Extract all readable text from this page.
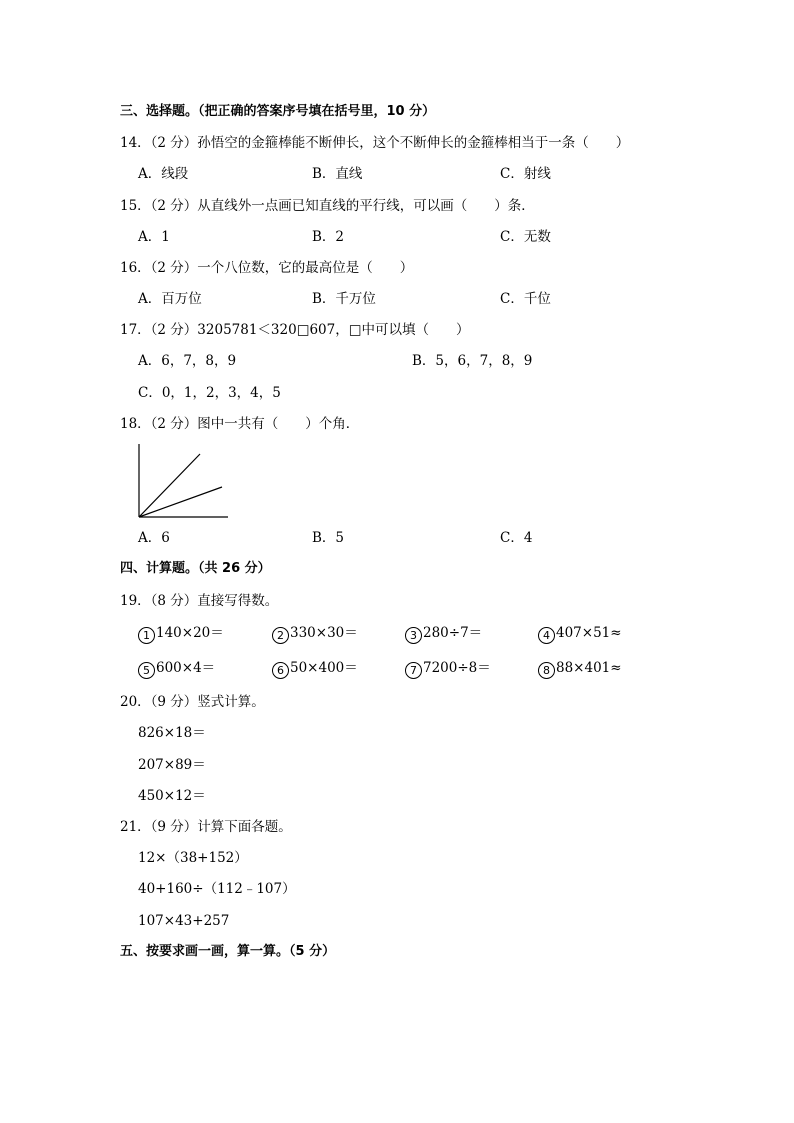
三、选择题。（把正确的答案序号填在括号里，10 分）
14．（2 分）孙悟空的金箍棒能不断伸长，这个不断伸长的金箍棒相当于一条（　　）
A．线段	B．直线	C．射线
15．（2 分）从直线外一点画已知直线的平行线，可以画（　　）条．
A．1	B．2	C．无数
16．（2 分）一个八位数，它的最高位是（　　）
A．百万位	B．千万位	C．千位
17．（2 分）3205781＜320□607，□中可以填（　　）
A．6，7，8，9	B．5，6，7，8，9
C．0，1，2，3，4，5
18．（2 分）图中一共有（　　）个角．
A．6	B．5	C．4
四、计算题。（共 26 分）
19．（8 分）直接写得数。
1 140×20＝	2 330×30＝	3 280÷7＝	4 407×51≈
5 600×4＝	6 50×400＝	7 7200÷8＝	8 88×401≈
20．（9 分）竖式计算。
826×18＝
207×89＝
450×12＝
21．（9 分）计算下面各题。
12×（38+152）
40+160÷（112﹣107）
107×43+257
五、按要求画一画，算一算。（5 分）
